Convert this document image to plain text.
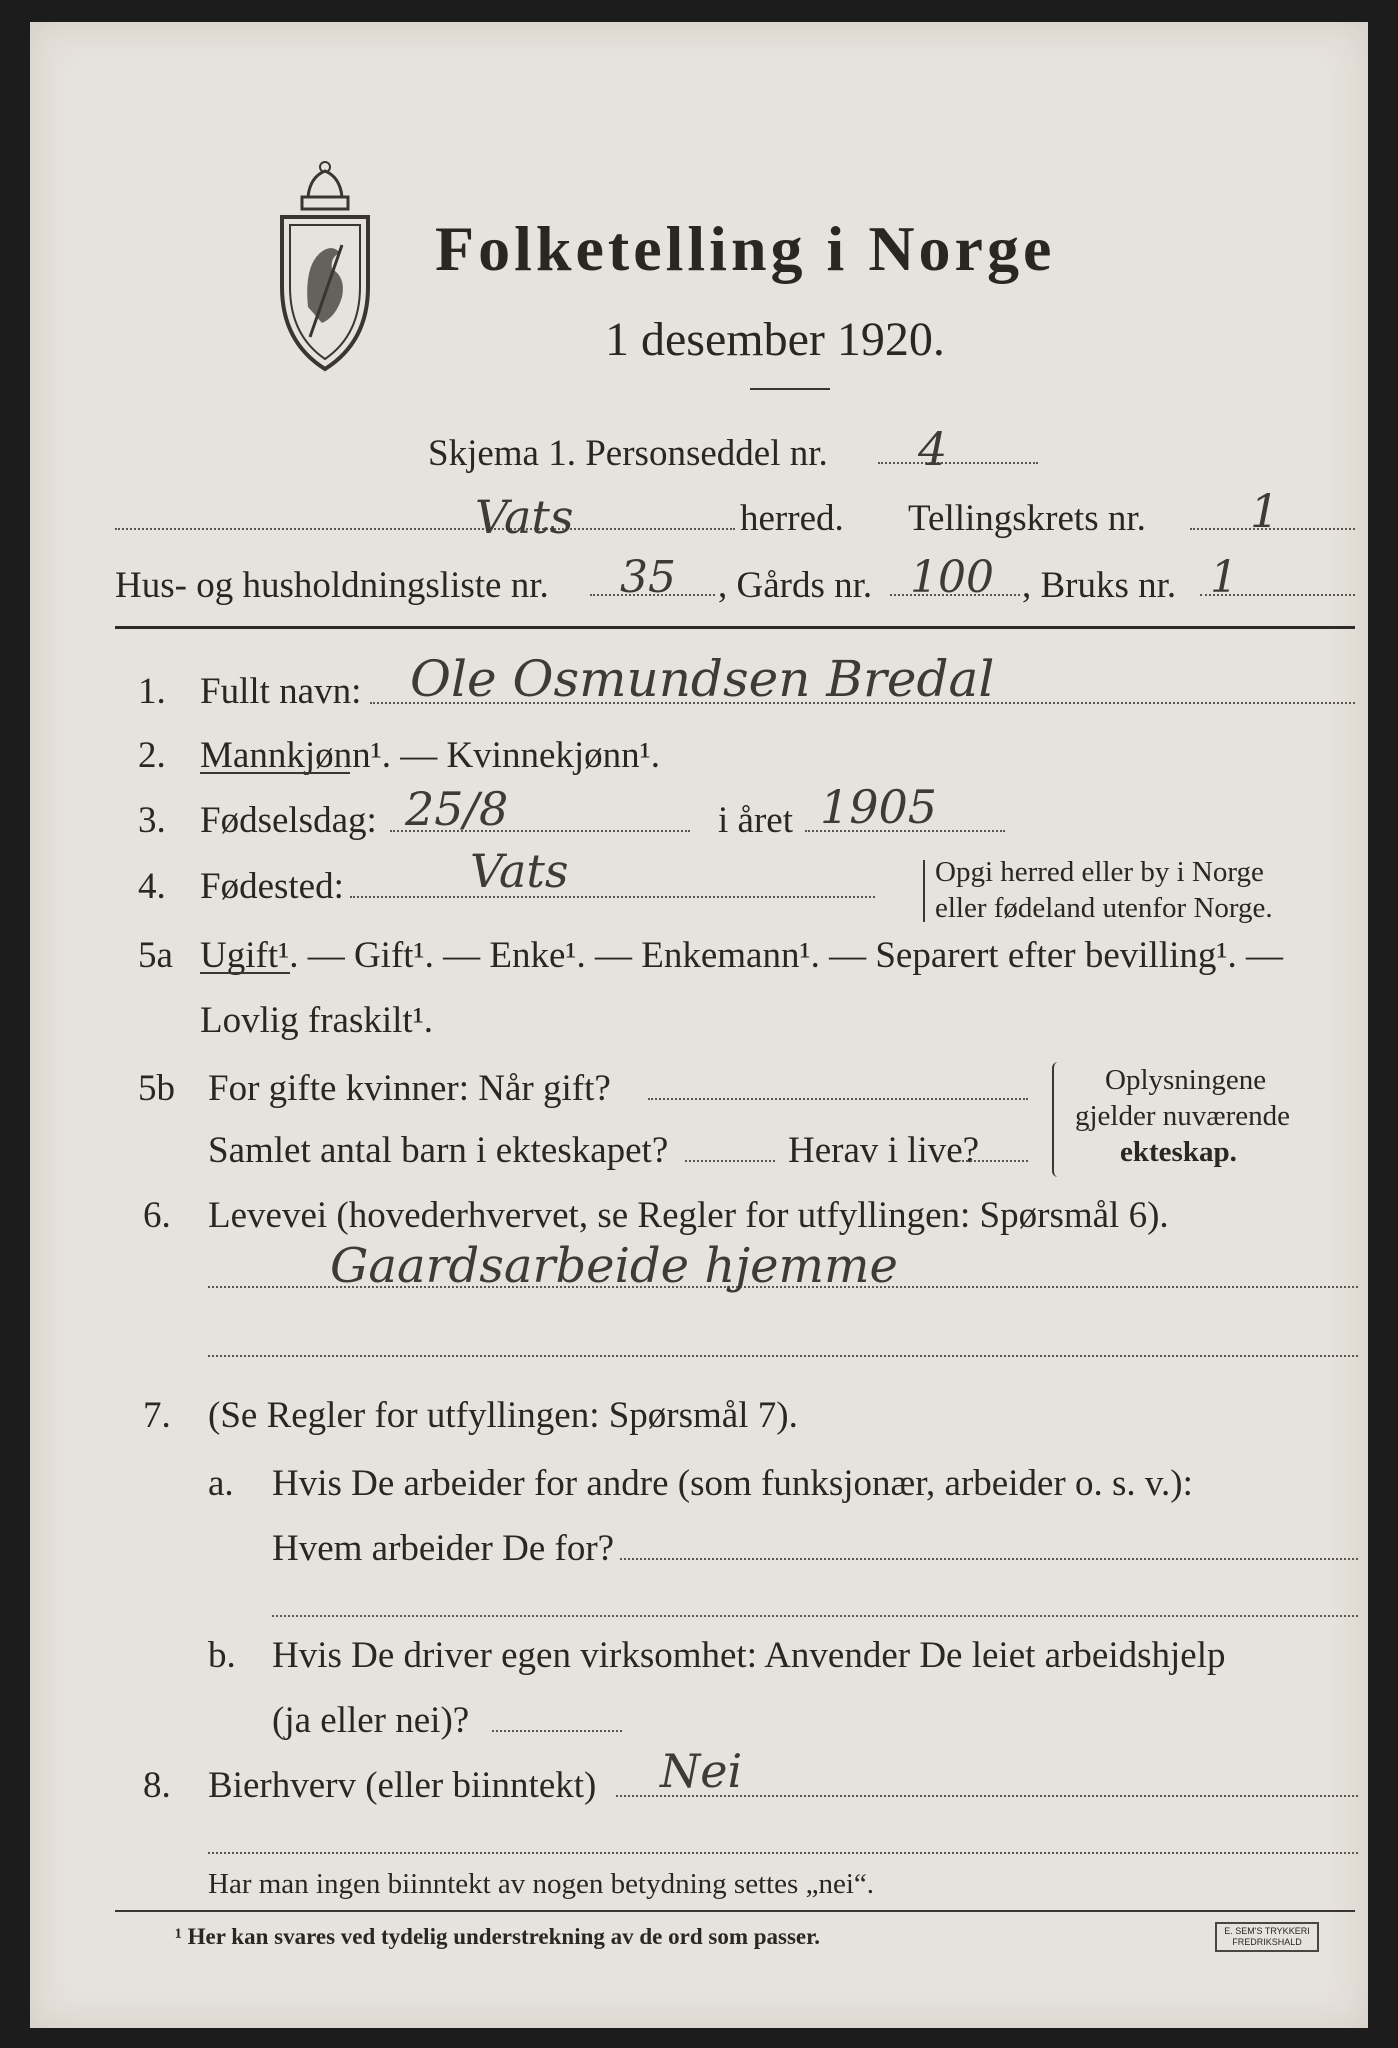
Folketelling i Norge
1 desember 1920.
Skjema 1. Personseddel nr. 4
Vats	herred. Tellingskrets nr. 1
Hus- og husholdningsliste nr. 35 , Gårds nr. 100 , Bruks nr. 1
1. Fullt navn: Ole Osmundsen Bredal
2. Mannkjønn¹. — Kvinnekjønn¹.
3. Fødselsdag: 25/8	i året 1905
4. Fødested:	Vats	Opgi herred eller by i Norge
eller fødeland utenfor Norge.
5a Ugift¹. — Gift¹. — Enke¹. — Enkemann¹. — Separert efter bevilling¹. —
Lovlig fraskilt¹.
5b For gifte kvinner: Når gift?
Samlet antal barn i ekteskapet?	Herav i live?
Oplysningene
gjelder nuværende
ekteskap.
6. Levevei (hovederhvervet, se Regler for utfyllingen: Spørsmål 6).
Gaardsarbeide hjemme
7. (Se Regler for utfyllingen: Spørsmål 7).
a. Hvis De arbeider for andre (som funksjonær, arbeider o. s. v.):
Hvem arbeider De for?
b. Hvis De driver egen virksomhet: Anvender De leiet arbeidshjelp
(ja eller nei)?
8. Bierhverv (eller biinntekt) Nei
Har man ingen biinntekt av nogen betydning settes „nei“.
¹ Her kan svares ved tydelig understrekning av de ord som passer.	E. SEM'S TRYKKERI FREDRIKSHALD
